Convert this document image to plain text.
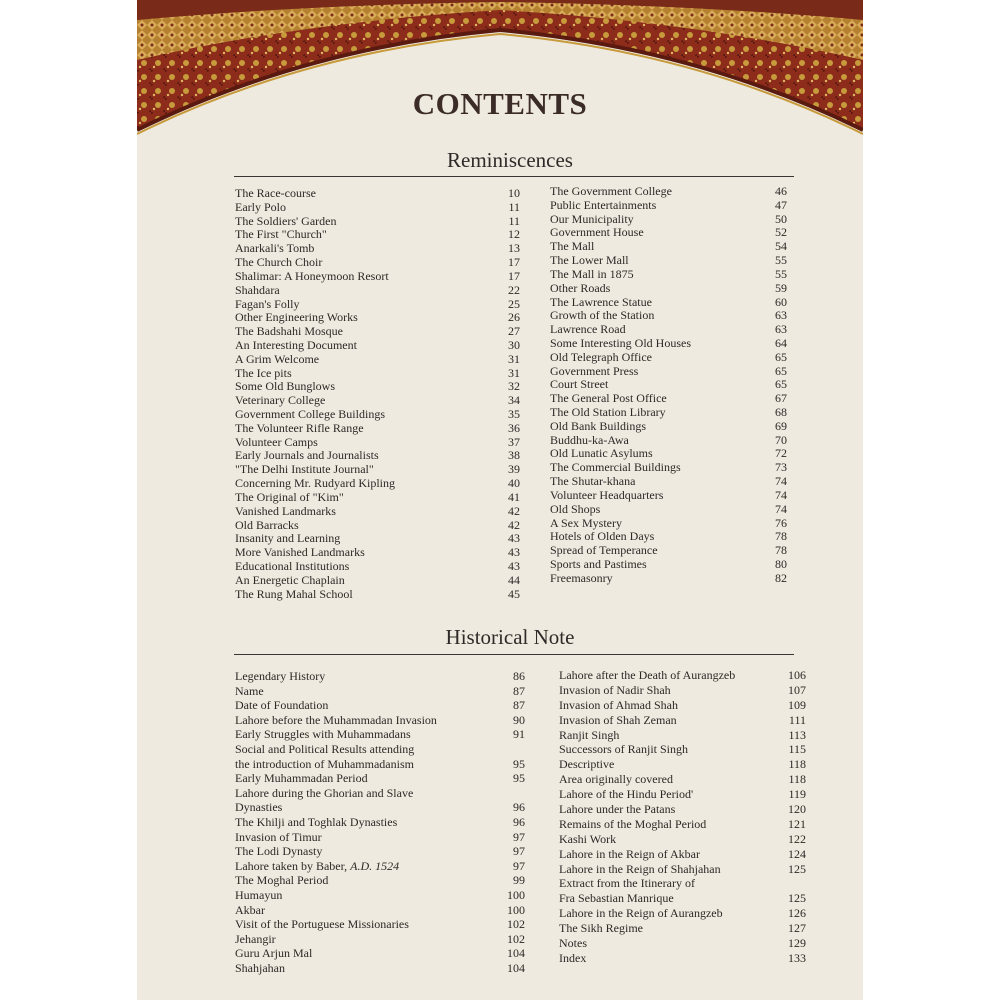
CONTENTS
Reminiscences
The Race-course	10
Early Polo	11
The Soldiers' Garden	11
The First "Church"	12
Anarkali's Tomb	13
The Church Choir	17
Shalimar: A Honeymoon Resort	17
Shahdara	22
Fagan's Folly	25
Other Engineering Works	26
The Badshahi Mosque	27
An Interesting Document	30
A Grim Welcome	31
The Ice pits	31
Some Old Bunglows	32
Veterinary College	34
Government College Buildings	35
The Volunteer Rifle Range	36
Volunteer Camps	37
Early Journals and Journalists	38
"The Delhi Institute Journal"	39
Concerning Mr. Rudyard Kipling	40
The Original of "Kim"	41
Vanished Landmarks	42
Old Barracks	42
Insanity and Learning	43
More Vanished Landmarks	43
Educational Institutions	43
An Energetic Chaplain	44
The Rung Mahal School	45
The Government College	46
Public Entertainments	47
Our Municipality	50
Government House	52
The Mall	54
The Lower Mall	55
The Mall in 1875	55
Other Roads	59
The Lawrence Statue	60
Growth of the Station	63
Lawrence Road	63
Some Interesting Old Houses	64
Old Telegraph Office	65
Government Press	65
Court Street	65
The General Post Office	67
The Old Station Library	68
Old Bank Buildings	69
Buddhu-ka-Awa	70
Old Lunatic Asylums	72
The Commercial Buildings	73
The Shutar-khana	74
Volunteer Headquarters	74
Old Shops	74
A Sex Mystery	76
Hotels of Olden Days	78
Spread of Temperance	78
Sports and Pastimes	80
Freemasonry	82
Historical Note
Legendary History	86
Name	87
Date of Foundation	87
Lahore before the Muhammadan Invasion	90
Early Struggles with Muhammadans	91
Social and Political Results attending
the introduction of Muhammadanism	95
Early Muhammadan Period	95
Lahore during the Ghorian and Slave
Dynasties	96
The Khilji and Toghlak Dynasties	96
Invasion of Timur	97
The Lodi Dynasty	97
Lahore taken by Baber, A.D. 1524	97
The Moghal Period	99
Humayun	100
Akbar	100
Visit of the Portuguese Missionaries	102
Jehangir	102
Guru Arjun Mal	104
Shahjahan	104
Lahore after the Death of Aurangzeb	106
Invasion of Nadir Shah	107
Invasion of Ahmad Shah	109
Invasion of Shah Zeman	111
Ranjit Singh	113
Successors of Ranjit Singh	115
Descriptive	118
Area originally covered	118
Lahore of the Hindu Period'	119
Lahore under the Patans	120
Remains of the Moghal Period	121
Kashi Work	122
Lahore in the Reign of Akbar	124
Lahore in the Reign of Shahjahan	125
Extract from the Itinerary of
Fra Sebastian Manrique	125
Lahore in the Reign of Aurangzeb	126
The Sikh Regime	127
Notes	129
Index	133
